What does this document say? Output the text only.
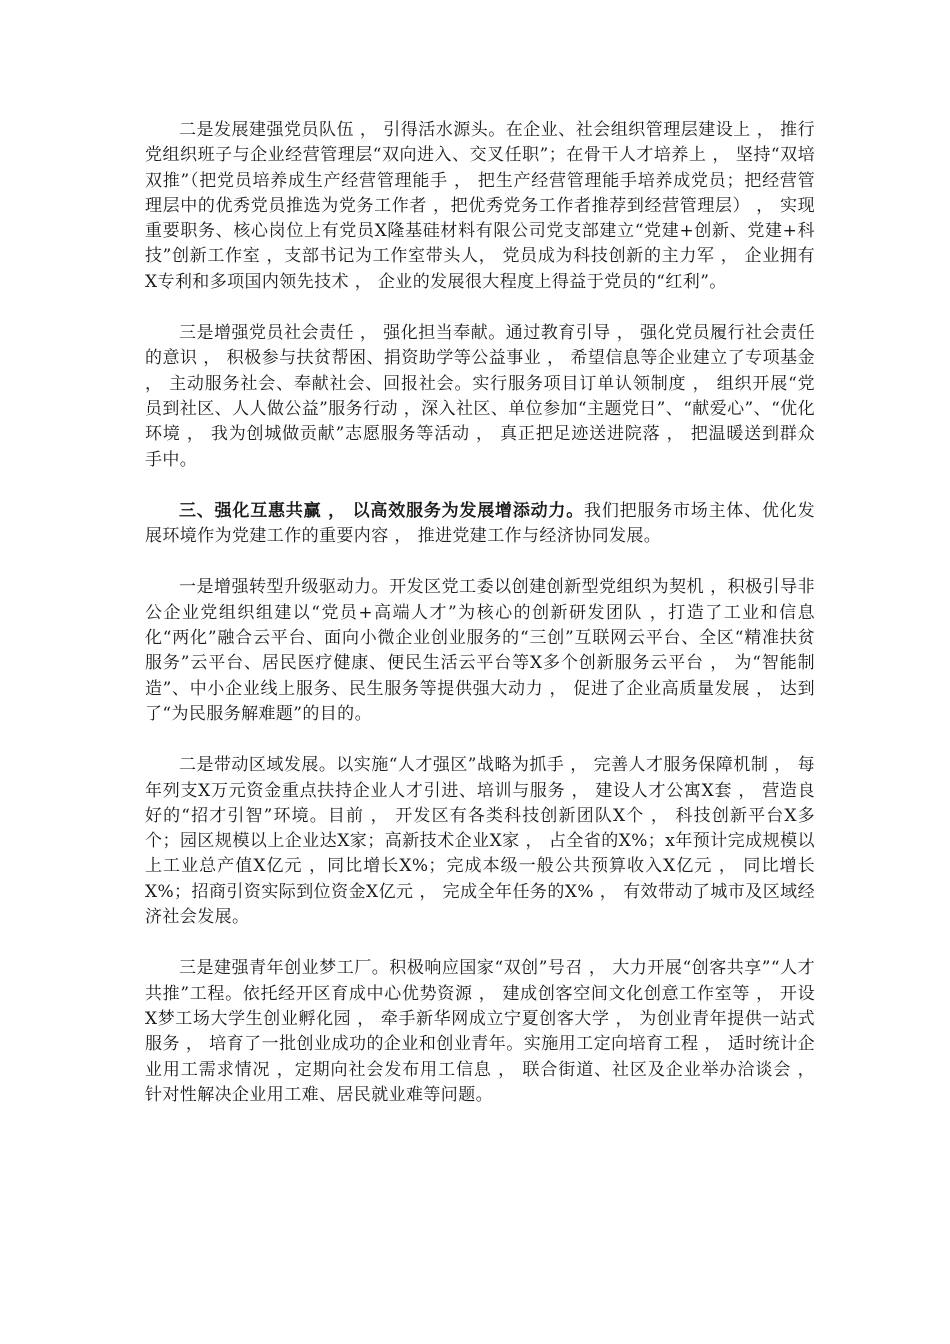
二是发展建强党员队伍 ， 引得活水源头。在企业、社会组织管理层建设上 ， 推行党组织班子与企业经营管理层“双向进入、交叉任职”；在骨干人才培养上 ， 坚持“双培双推”（把党员培养成生产经营管理能手 ， 把生产经营管理能手培养成党员；把经营管理层中的优秀党员推选为党务工作者 ，把优秀党务工作者推荐到经营管理层） ， 实现重要职务、核心岗位上有党员X隆基硅材料有限公司党支部建立“党建+创新、党建+科技”创新工作室 ，支部书记为工作室带头人， 党员成为科技创新的主力军 ， 企业拥有X专利和多项国内领先技术 ， 企业的发展很大程度上得益于党员的“红利”。

三是增强党员社会责任 ， 强化担当奉献。通过教育引导 ， 强化党员履行社会责任的意识 ， 积极参与扶贫帮困、捐资助学等公益事业 ， 希望信息等企业建立了专项基金 ， 主动服务社会、奉献社会、回报社会。实行服务项目订单认领制度 ， 组织开展“党员到社区、人人做公益”服务行动 ，深入社区、单位参加“主题党日”、“献爱心”、“优化环境 ， 我为创城做贡献”志愿服务等活动 ， 真正把足迹送进院落 ， 把温暖送到群众手中。

三、强化互惠共赢 ， 以高效服务为发展增添动力。我们把服务市场主体、优化发展环境作为党建工作的重要内容 ， 推进党建工作与经济协同发展。

一是增强转型升级驱动力。开发区党工委以创建创新型党组织为契机 ，积极引导非公企业党组织组建以“党员+高端人才”为核心的创新研发团队 ，打造了工业和信息化“两化”融合云平台、面向小微企业创业服务的“三创”互联网云平台、全区“精准扶贫服务”云平台、居民医疗健康、便民生活云平台等X多个创新服务云平台 ， 为“智能制造”、中小企业线上服务、民生服务等提供强大动力 ， 促进了企业高质量发展 ， 达到了“为民服务解难题”的目的。

二是带动区域发展。以实施“人才强区”战略为抓手 ， 完善人才服务保障机制 ， 每年列支X万元资金重点扶持企业人才引进、培训与服务 ， 建设人才公寓X套 ， 营造良好的“招才引智”环境。目前 ， 开发区有各类科技创新团队X个 ， 科技创新平台X多个；园区规模以上企业达X家；高新技术企业X家 ， 占全省的X%；x年预计完成规模以上工业总产值X亿元 ，同比增长X%；完成本级一般公共预算收入X亿元 ， 同比增长X%；招商引资实际到位资金X亿元 ， 完成全年任务的X% ， 有效带动了城市及区域经济社会发展。

三是建强青年创业梦工厂。积极响应国家“双创”号召 ， 大力开展“创客共享”“人才共推”工程。依托经开区育成中心优势资源 ， 建成创客空间文化创意工作室等 ， 开设X梦工场大学生创业孵化园 ， 牵手新华网成立宁夏创客大学 ， 为创业青年提供一站式服务 ， 培育了一批创业成功的企业和创业青年。实施用工定向培育工程 ， 适时统计企业用工需求情况 ，定期向社会发布用工信息 ， 联合街道、社区及企业举办洽谈会 ， 针对性解决企业用工难、居民就业难等问题。
